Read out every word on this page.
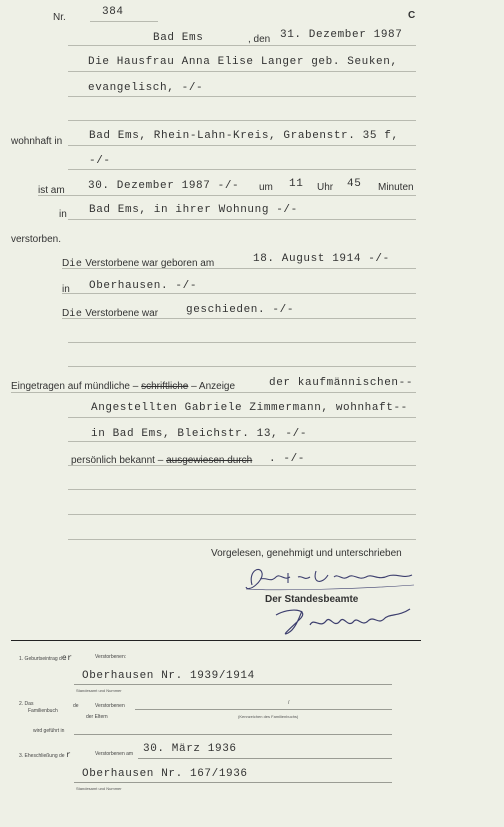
Nr.	384	C
Bad Ems	, den 31. Dezember 1987
Die Hausfrau Anna Elise Langer geb. Seuken,
evangelisch, -/-
wohnhaft in Bad Ems, Rhein-Lahn-Kreis, Grabenstr. 35 f,
-/-
ist am 30. Dezember 1987 -/- um 11 Uhr 45 Minuten
in Bad Ems, in ihrer Wohnung -/-
verstorben.
Die Verstorbene war geboren am	18. August 1914 -/-
in Oberhausen. -/-
Die Verstorbene war	geschieden. -/-
Eingetragen auf mündliche – schriftliche – Anzeige	der kaufmännischen--
Angestellten Gabriele Zimmermann, wohnhaft--
in Bad Ems, Bleichstr. 13, -/-
persönlich bekannt – ausgewiesen durch . -/-
Vorgelesen, genehmigt und unterschrieben
Der Standesbeamte
1. Geburtseintrag der	Verstorbenen:
Oberhausen Nr. 1939/1914
Standesamt und Nummer
2. Das
Familienbuch
de	Verstorbenen
der Eltern
/
(Kennzeichen des Familienbuchs)
wird geführt in
3. Eheschließung de r	Verstorbenen am 30. März 1936
Oberhausen Nr. 167/1936
Standesamt und Nummer
